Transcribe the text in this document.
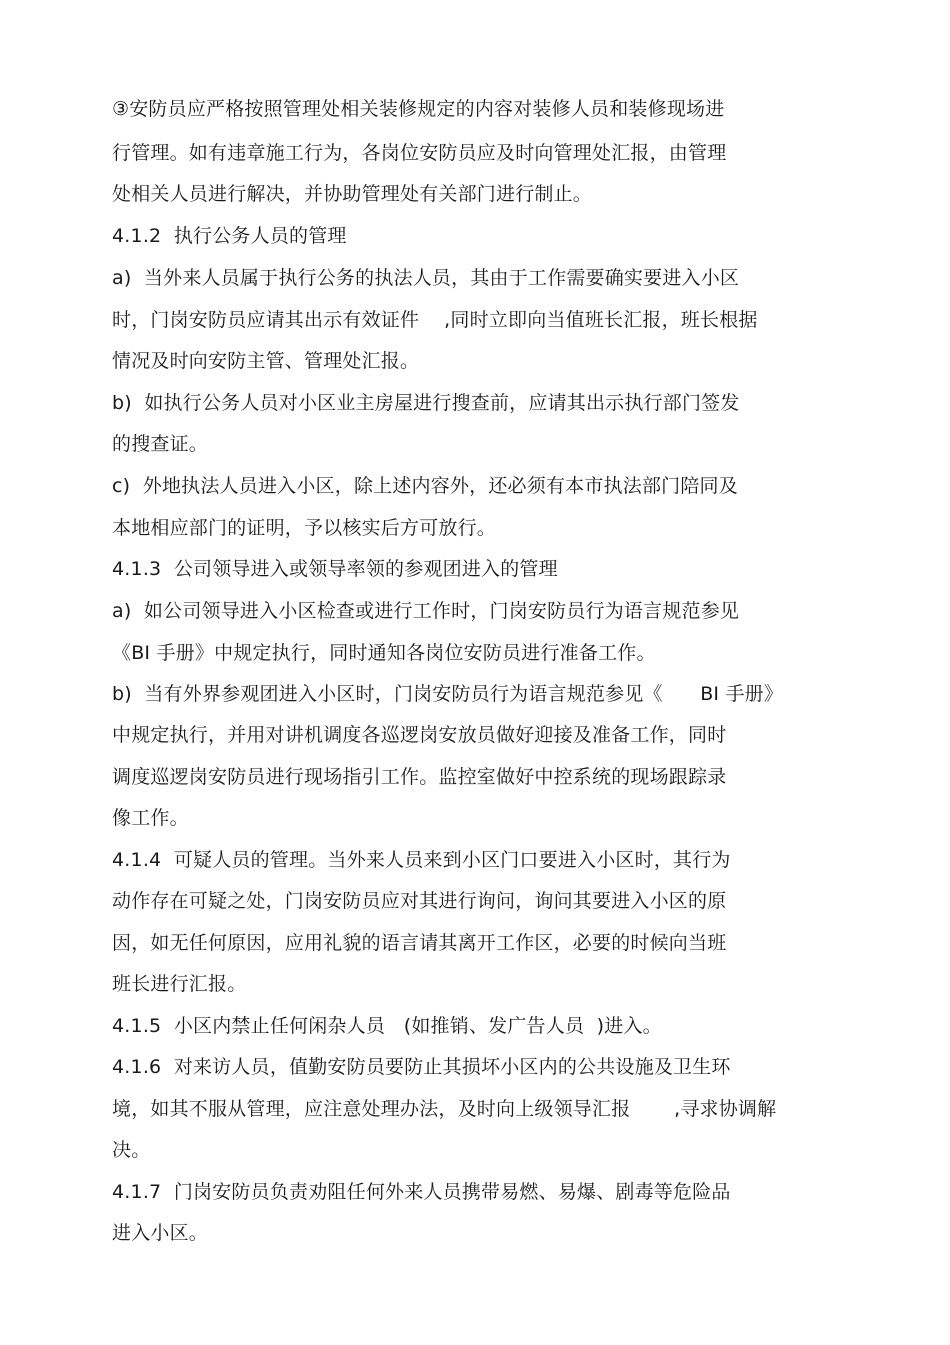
③安防员应严格按照管理处相关装修规定的内容对装修人员和装修现场进
行管理。如有违章施工行为，各岗位安防员应及时向管理处汇报，由管理
处相关人员进行解决，并协助管理处有关部门进行制止。
4.1.2  执行公务人员的管理
a)  当外来人员属于执行公务的执法人员，其由于工作需要确实要进入小区
时，门岗安防员应请其出示有效证件    ,同时立即向当值班长汇报，班长根据
情况及时向安防主管、管理处汇报。
b)  如执行公务人员对小区业主房屋进行搜查前，应请其出示执行部门签发
的搜查证。
c)  外地执法人员进入小区，除上述内容外，还必须有本市执法部门陪同及
本地相应部门的证明，予以核实后方可放行。
4.1.3  公司领导进入或领导率领的参观团进入的管理
a)  如公司领导进入小区检查或进行工作时，门岗安防员行为语言规范参见
《BI 手册》中规定执行，同时通知各岗位安防员进行准备工作。
b)  当有外界参观团进入小区时，门岗安防员行为语言规范参见《      BI 手册》
中规定执行，并用对讲机调度各巡逻岗安放员做好迎接及准备工作，同时
调度巡逻岗安防员进行现场指引工作。监控室做好中控系统的现场跟踪录
像工作。
4.1.4  可疑人员的管理。当外来人员来到小区门口要进入小区时，其行为
动作存在可疑之处，门岗安防员应对其进行询问，询问其要进入小区的原
因，如无任何原因，应用礼貌的语言请其离开工作区，必要的时候向当班
班长进行汇报。
4.1.5  小区内禁止任何闲杂人员   (如推销、发广告人员  )进入。
4.1.6  对来访人员，值勤安防员要防止其损坏小区内的公共设施及卫生环
境，如其不服从管理，应注意处理办法，及时向上级领导汇报       ,寻求协调解
决。
4.1.7  门岗安防员负责劝阻任何外来人员携带易燃、易爆、剧毒等危险品
进入小区。
